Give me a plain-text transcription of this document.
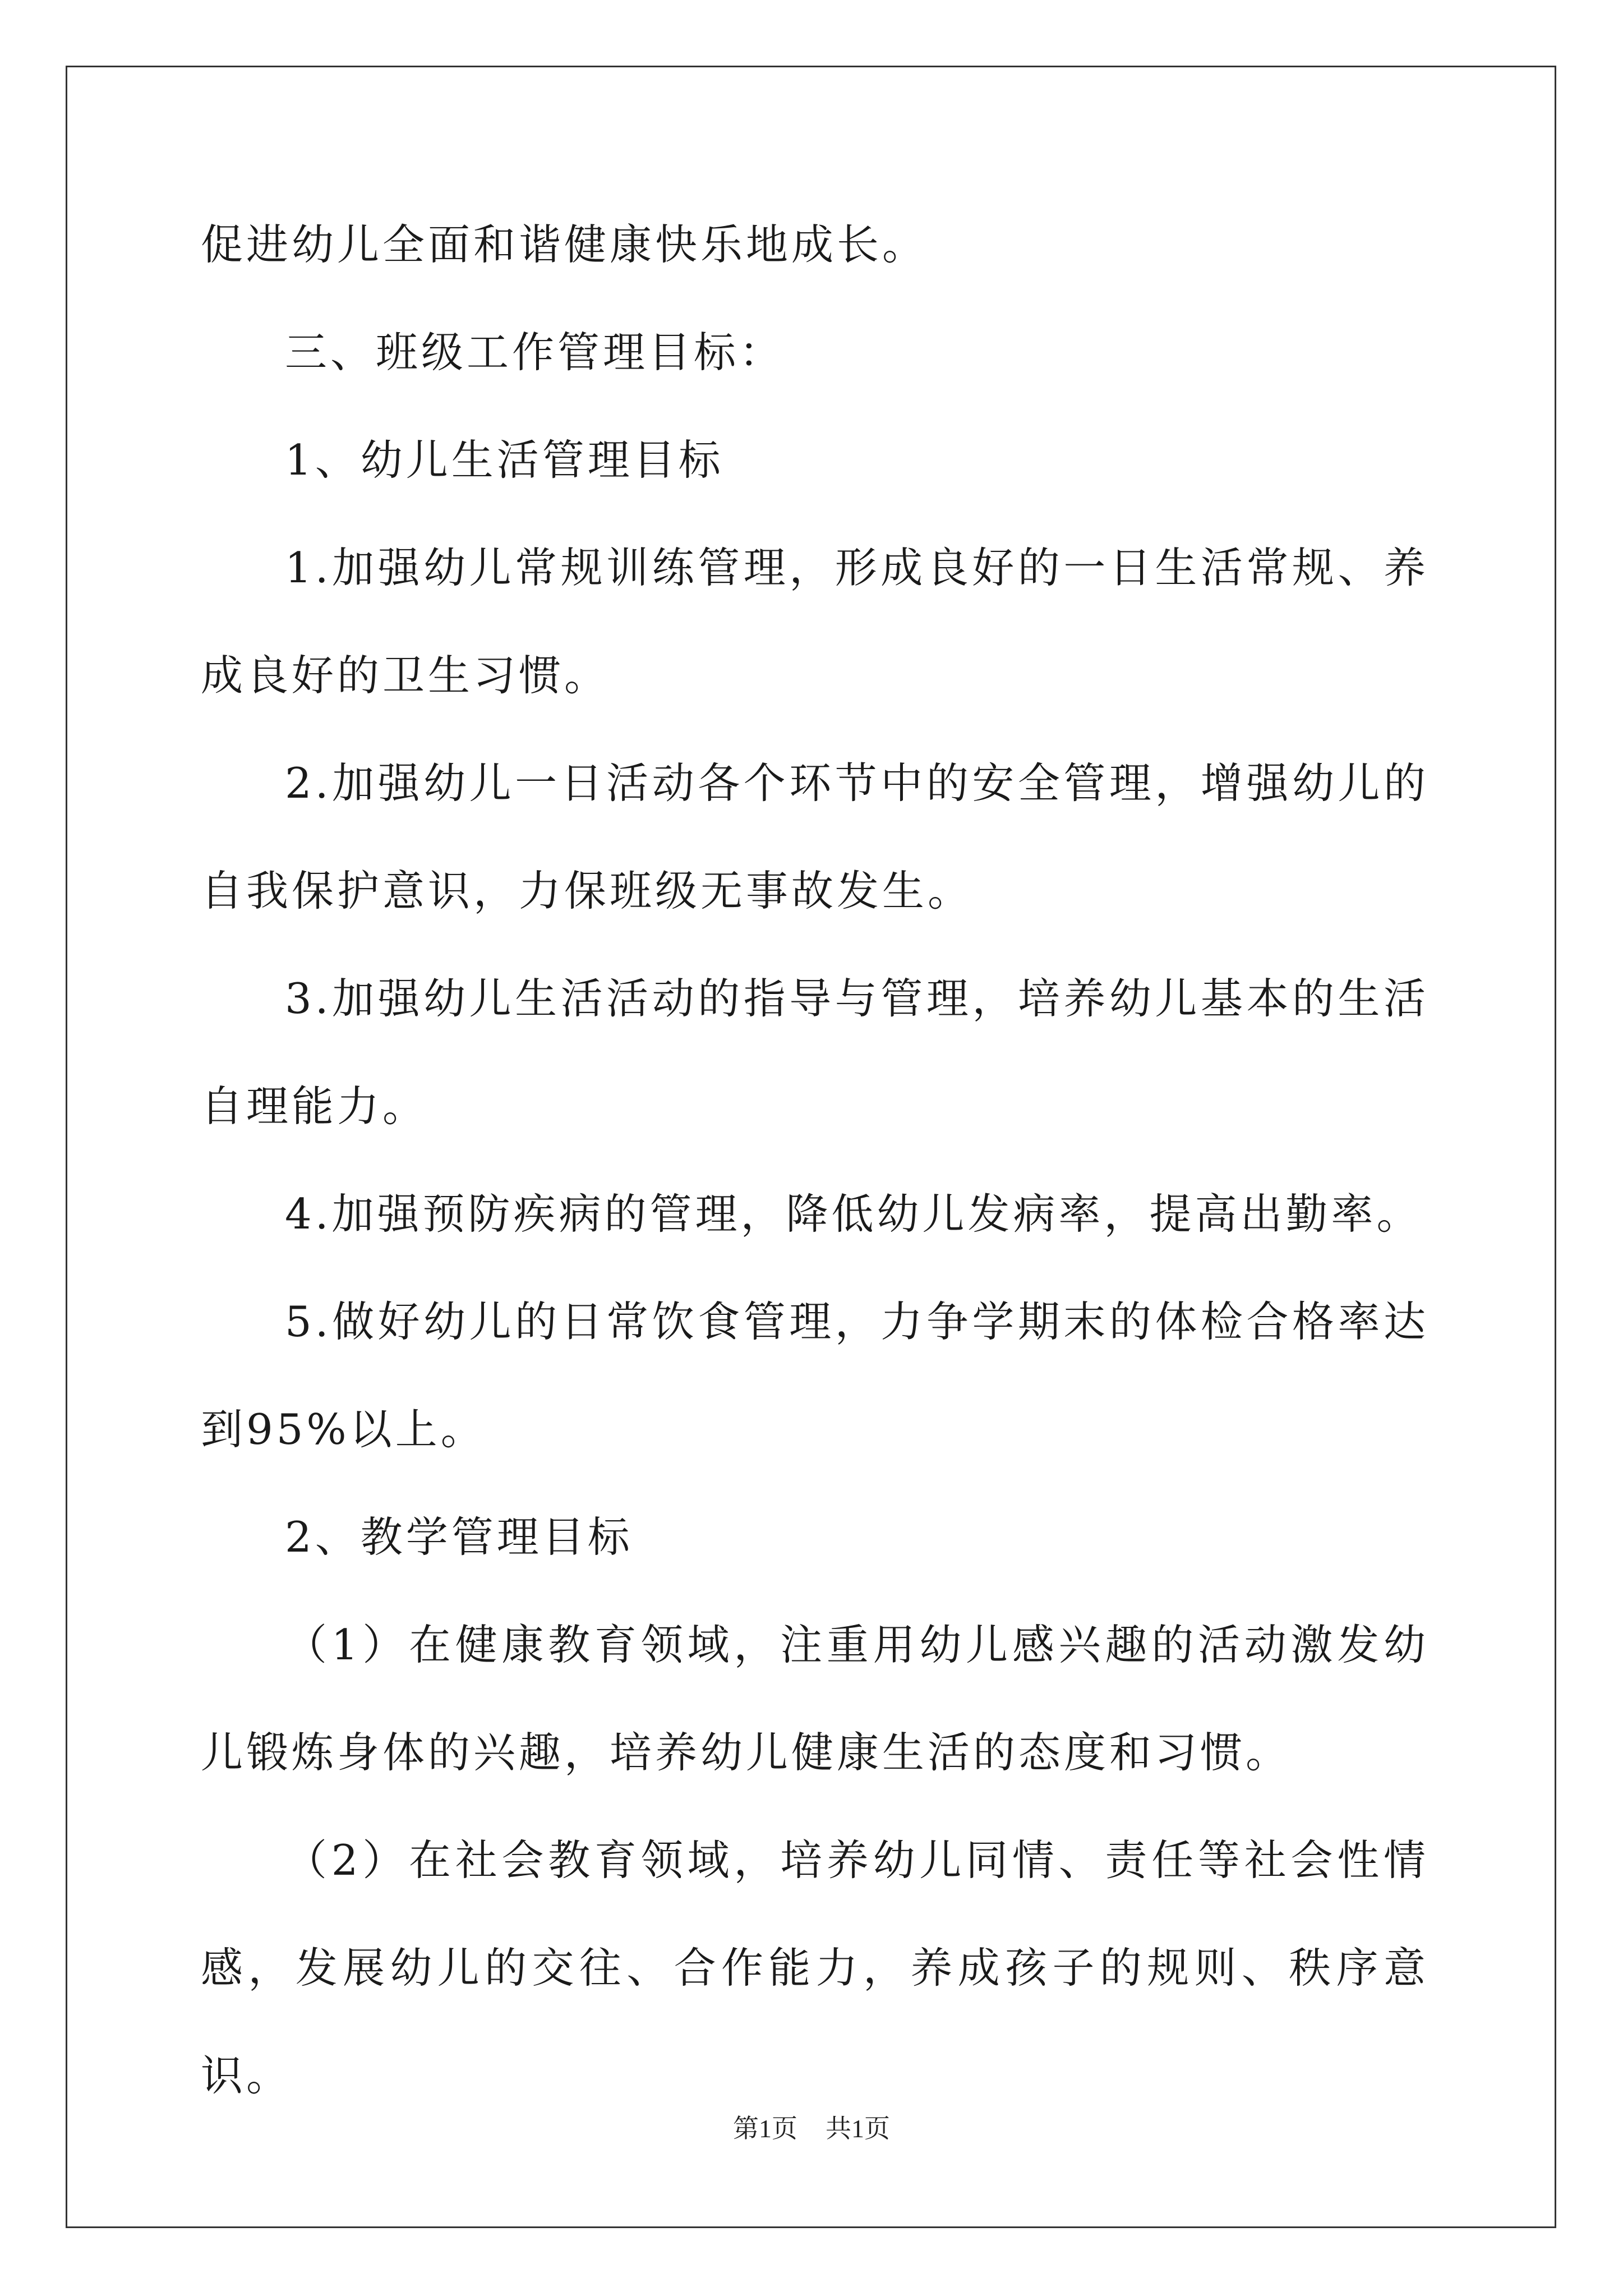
促进幼儿全面和谐健康快乐地成长。

三、班级工作管理目标：

1、幼儿生活管理目标

1.加强幼儿常规训练管理，形成良好的一日生活常规、养成良好的卫生习惯。

2.加强幼儿一日活动各个环节中的安全管理，增强幼儿的自我保护意识，力保班级无事故发生。

3.加强幼儿生活活动的指导与管理，培养幼儿基本的生活自理能力。

4.加强预防疾病的管理，降低幼儿发病率，提高出勤率。

5.做好幼儿的日常饮食管理，力争学期末的体检合格率达到95%以上。

2、教学管理目标

（1）在健康教育领域，注重用幼儿感兴趣的活动激发幼儿锻炼身体的兴趣，培养幼儿健康生活的态度和习惯。

（2）在社会教育领域，培养幼儿同情、责任等社会性情感，发展幼儿的交往、合作能力，养成孩子的规则、秩序意识。

第1页 共1页
